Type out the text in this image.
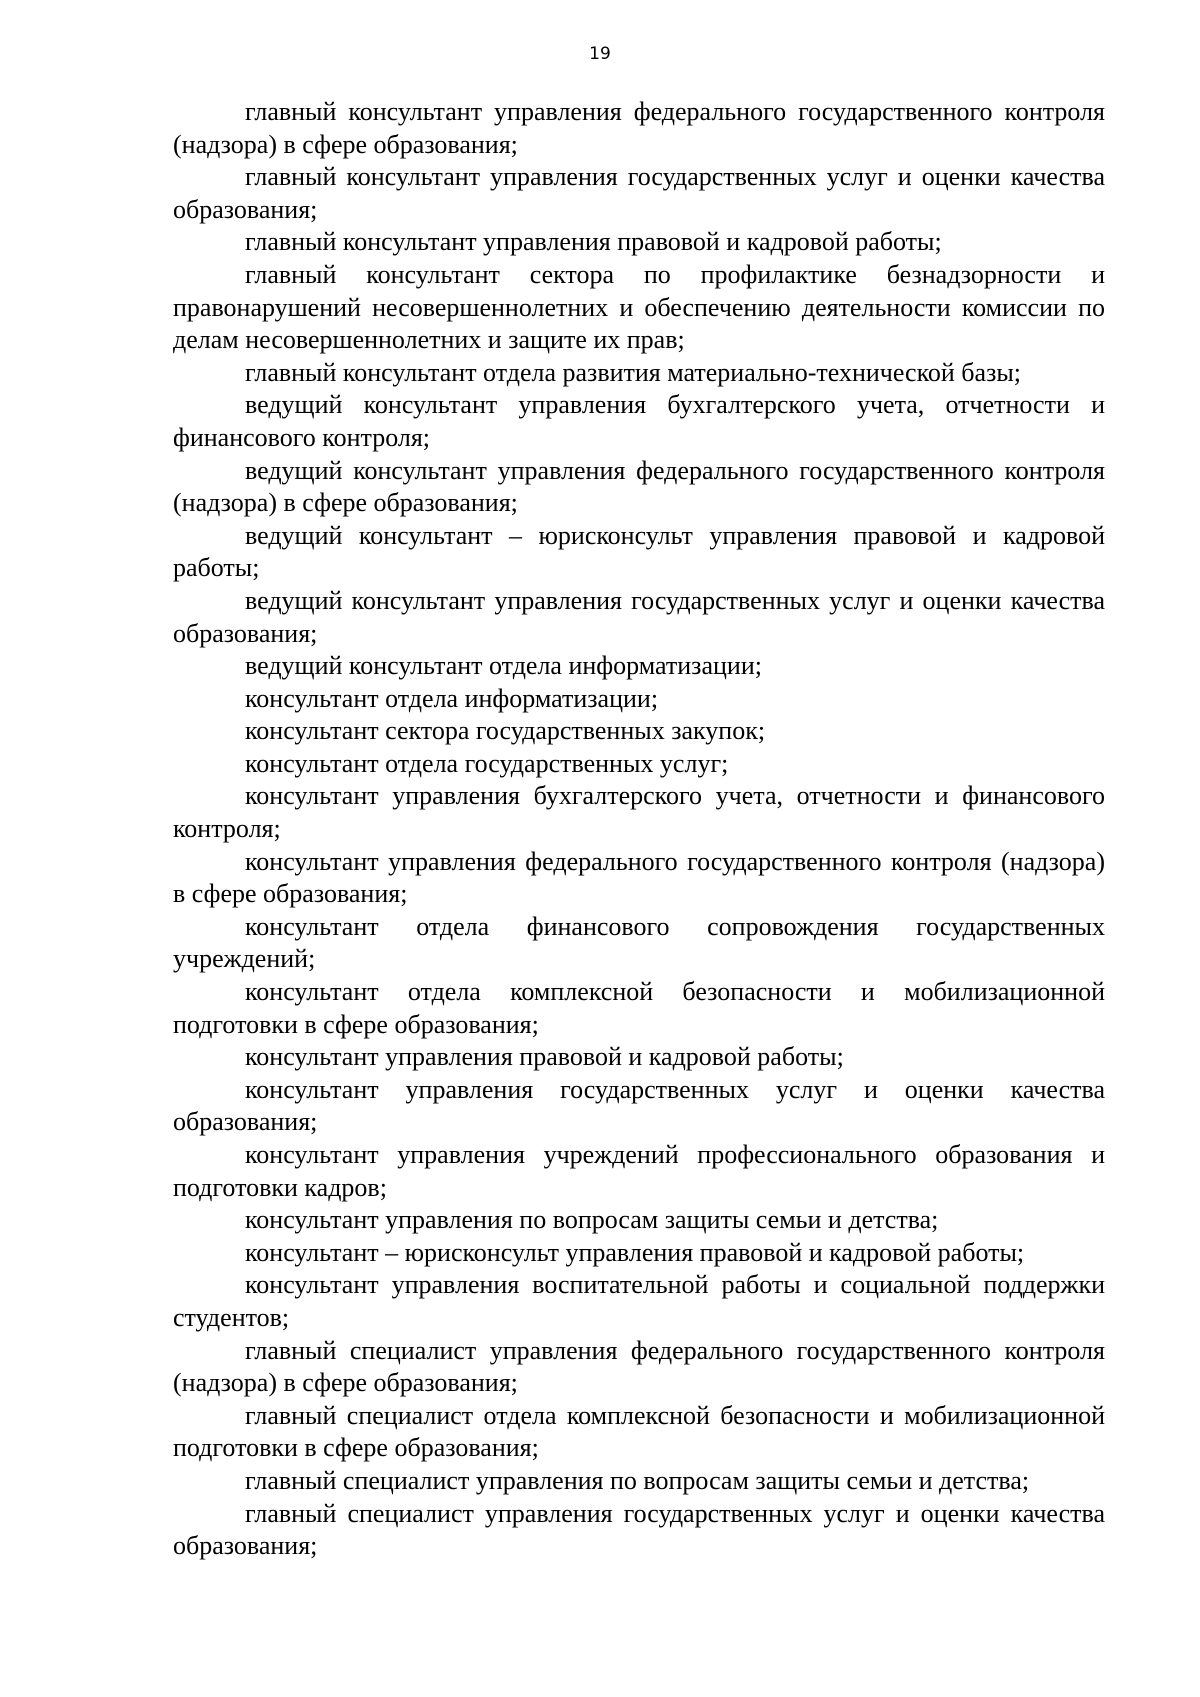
19

главный консультант управления федерального государственного контроля (надзора) в сфере образования;

главный консультант управления государственных услуг и оценки качества образования;

главный консультант управления правовой и кадровой работы;

главный консультант сектора по профилактике безнадзорности и правонарушений несовершеннолетних и обеспечению деятельности комиссии по делам несовершеннолетних и защите их прав;

главный консультант отдела развития материально-технической базы;

ведущий консультант управления бухгалтерского учета, отчетности и финансового контроля;

ведущий консультант управления федерального государственного контроля (надзора) в сфере образования;

ведущий консультант – юрисконсульт управления правовой и кадровой работы;

ведущий консультант управления государственных услуг и оценки качества образования;

ведущий консультант отдела информатизации;

консультант отдела информатизации;

консультант сектора государственных закупок;

консультант отдела государственных услуг;

консультант управления бухгалтерского учета, отчетности и финансового контроля;

консультант управления федерального государственного контроля (надзора) в сфере образования;

консультант отдела финансового сопровождения государственных учреждений;

консультант отдела комплексной безопасности и мобилизационной подготовки в сфере образования;

консультант управления правовой и кадровой работы;

консультант управления государственных услуг и оценки качества образования;

консультант управления учреждений профессионального образования и подготовки кадров;

консультант управления по вопросам защиты семьи и детства;

консультант – юрисконсульт управления правовой и кадровой работы;

консультант управления воспитательной работы и социальной поддержки студентов;

главный специалист управления федерального государственного контроля (надзора) в сфере образования;

главный специалист отдела комплексной безопасности и мобилизационной подготовки в сфере образования;

главный специалист управления по вопросам защиты семьи и детства;

главный специалист управления государственных услуг и оценки качества образования;
